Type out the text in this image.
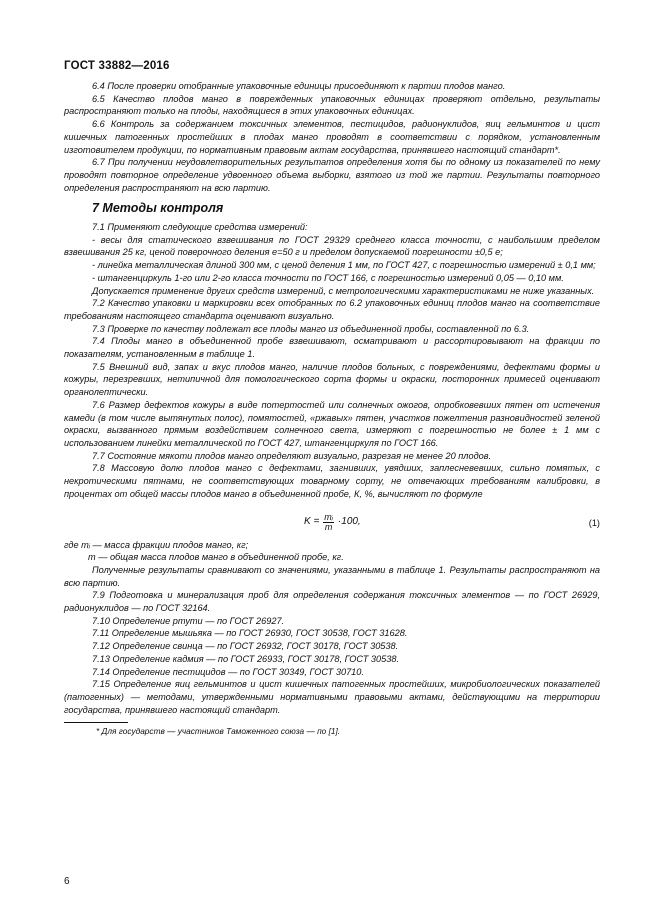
ГОСТ 33882—2016

6.4 После проверки отобранные упаковочные единицы присоединяют к партии плодов манго.

6.5 Качество плодов манго в поврежденных упаковочных единицах проверяют отдельно, результаты распространяют только на плоды, находящиеся в этих упаковочных единицах.

6.6 Контроль за содержанием токсичных элементов, пестицидов, радионуклидов, яиц гельминтов и цист кишечных патогенных простейших в плодах манго проводят в соответствии с порядком, установленным изготовителем продукции, по нормативным правовым актам государства, принявшего настоящий стандарт*.

6.7 При получении неудовлетворительных результатов определения хотя бы по одному из показателей по нему проводят повторное определение удвоенного объема выборки, взятого из той же партии. Результаты повторного определения распространяют на всю партию.

7 Методы контроля

7.1 Применяют следующие средства измерений:

- весы для статического взвешивания по ГОСТ 29329 среднего класса точности, с наибольшим пределом взвешивания 25 кг, ценой поверочного деления e=50 г и пределом допускаемой погрешности ±0,5 e;

- линейка металлическая длиной 300 мм, с ценой деления 1 мм, по ГОСТ 427, с погрешностью измерений ± 0,1 мм;

- штангенциркуль 1-го или 2-го класса точности по ГОСТ 166, с погрешностью измерений 0,05 — 0,10 мм.

Допускается применение других средств измерений, с метрологическими характеристиками не ниже указанных.

7.2 Качество упаковки и маркировки всех отобранных по 6.2 упаковочных единиц плодов манго на соответствие требованиям настоящего стандарта оценивают визуально.

7.3 Проверке по качеству подлежат все плоды манго из объединенной пробы, составленной по 6.3.

7.4 Плоды манго в объединенной пробе взвешивают, осматривают и рассортировывают на фракции по показателям, установленным в таблице 1.

7.5 Внешний вид, запах и вкус плодов манго, наличие плодов больных, с повреждениями, дефектами формы и кожуры, перезревших, нетипичной для помологического сорта формы и окраски, посторонних примесей оценивают органолептически.

7.6 Размер дефектов кожуры в виде потертостей или солнечных ожогов, опробковевших пятен от истечения камеди (в том числе вытянутых полос), помятостей, «ржавых» пятен, участков пожелтения разновидностей зеленой окраски, вызванного прямым воздействием солнечного света, измеряют с погрешностью не более ± 1 мм с использованием линейки металлической по ГОСТ 427, штангенциркуля по ГОСТ 166.

7.7 Состояние мякоти плодов манго определяют визуально, разрезая не менее 20 плодов.

7.8 Массовую долю плодов манго с дефектами, загнивших, увядших, заплесневевших, сильно помятых, с некротическими пятнами, не соответствующих товарному сорту, не отвечающих требованиям калибровки, в процентах от общей массы плодов манго в объединенной пробе, К, %, вычисляют по формуле

$K = \frac{\text{mᵢ}}{m} \cdot 100$,	(1)

где mᵢ — масса фракции плодов манго, кг;

m — общая масса плодов манго в объединенной пробе, кг.

Полученные результаты сравнивают со значениями, указанными в таблице 1. Результаты распространяют на всю партию.

7.9 Подготовка и минерализация проб для определения содержания токсичных элементов — по ГОСТ 26929, радионуклидов — по ГОСТ 32164.

7.10 Определение ртути — по ГОСТ 26927.

7.11 Определение мышьяка — по ГОСТ 26930, ГОСТ 30538, ГОСТ 31628.

7.12 Определение свинца — по ГОСТ 26932, ГОСТ 30178, ГОСТ 30538.

7.13 Определение кадмия — по ГОСТ 26933, ГОСТ 30178, ГОСТ 30538.

7.14 Определение пестицидов — по ГОСТ 30349, ГОСТ 30710.

7.15 Определение яиц гельминтов и цист кишечных патогенных простейших, микробиологических показателей (патогенных) — методами, утвержденными нормативными правовыми актами, действующими на территории государства, принявшего настоящий стандарт.

* Для государств — участников Таможенного союза — по [1].

6
